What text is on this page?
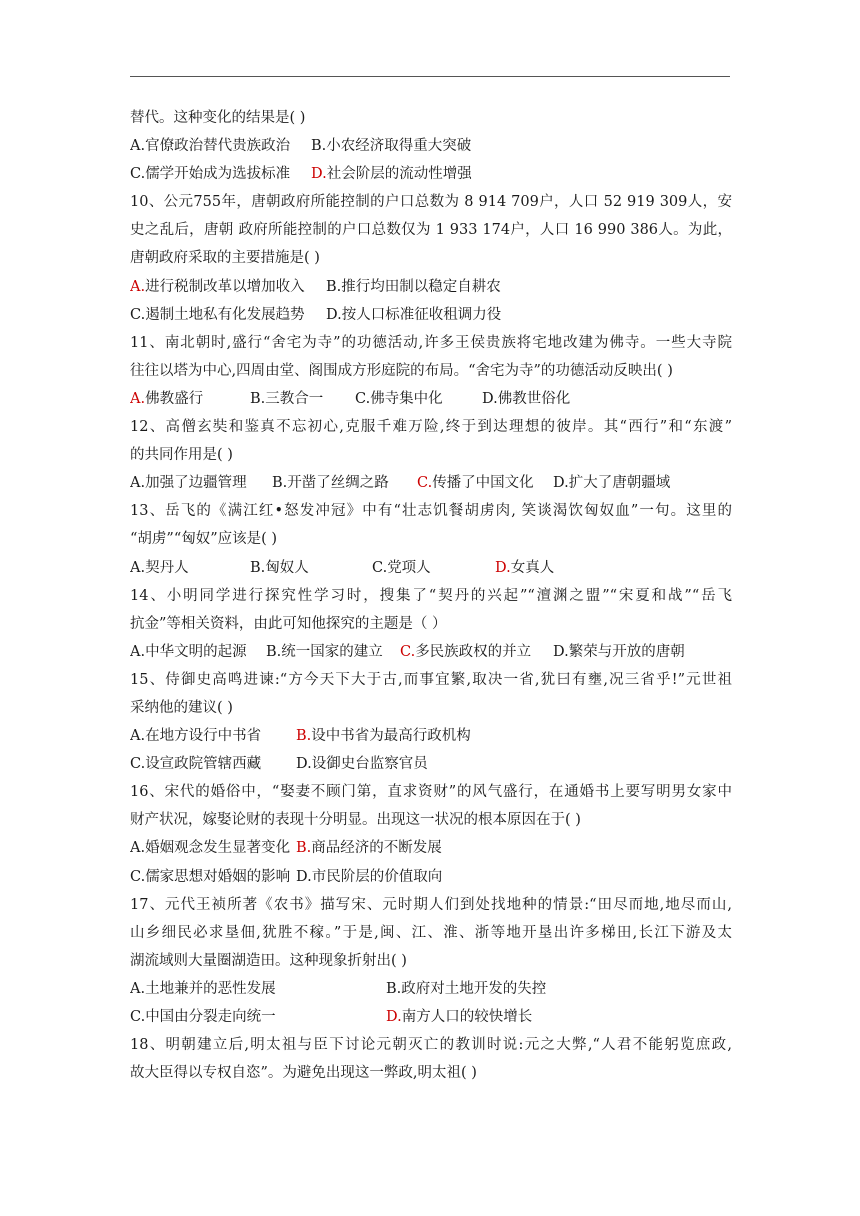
替代。这种变化的结果是( )
A.官僚政治替代贵族政治 B.小农经济取得重大突破
C.儒学开始成为选拔标准 D.社会阶层的流动性增强
10、公元755年，唐朝政府所能控制的户口总数为 8 914 709户，人口 52 919 309人，安
史之乱后，唐朝 政府所能控制的户口总数仅为 1 933 174户，人口 16 990 386人。为此，
唐朝政府采取的主要措施是( )
A.进行税制改革以增加收入 B.推行均田制以稳定自耕农
C.遏制土地私有化发展趋势 D.按人口标准征收租调力役
11、南北朝时,盛行“舍宅为寺”的功德活动,许多王侯贵族将宅地改建为佛寺。一些大寺院
往往以塔为中心,四周由堂、阁围成方形庭院的布局。“舍宅为寺”的功德活动反映出( )
A.佛教盛行	B.三教合一 C.佛寺集中化	D.佛教世俗化
12、高僧玄奘和鉴真不忘初心,克服千难万险,终于到达理想的彼岸。其“西行”和“东渡”
的共同作用是( )
A.加强了边疆管理 B.开凿了丝绸之路 C.传播了中国文化 D.扩大了唐朝疆域
13、岳飞的《满江红•怒发冲冠》中有“壮志饥餐胡虏肉, 笑谈渴饮匈奴血”一句。这里的
“胡虏”“匈奴”应该是( )
A.契丹人	B.匈奴人	C.党项人	D.女真人
14、小明同学进行探究性学习时，搜集了“契丹的兴起”“澶渊之盟”“宋夏和战”“岳飞
抗金”等相关资料，由此可知他探究的主题是（ ）
A.中华文明的起源 B.统一国家的建立 C.多民族政权的并立 D.繁荣与开放的唐朝
15、侍御史高鸣进谏:“方今天下大于古,而事宜繁,取决一省,犹曰有壅,况三省乎!”元世祖
采纳他的建议( )
A.在地方设行中书省 B.设中书省为最高行政机构
C.设宣政院管辖西藏 D.设御史台监察官员
16、宋代的婚俗中，“娶妻不顾门第，直求资财”的风气盛行，在通婚书上要写明男女家中
财产状况，嫁娶论财的表现十分明显。出现这一状况的根本原因在于( )
A.婚姻观念发生显著变化 B.商品经济的不断发展
C.儒家思想对婚姻的影响 D.市民阶层的价值取向
17、元代王祯所著《农书》描写宋、元时期人们到处找地种的情景:“田尽而地,地尽而山,
山乡细民必求垦佃,犹胜不稼。”于是,闽、江、淮、浙等地开垦出许多梯田,长江下游及太
湖流域则大量圈湖造田。这种现象折射出( )
A.土地兼并的恶性发展	B.政府对土地开发的失控
C.中国由分裂走向统一	D.南方人口的较快增长
18、明朝建立后,明太祖与臣下讨论元朝灭亡的教训时说:元之大弊,“人君不能躬览庶政,
故大臣得以专权自恣”。为避免出现这一弊政,明太祖( )
